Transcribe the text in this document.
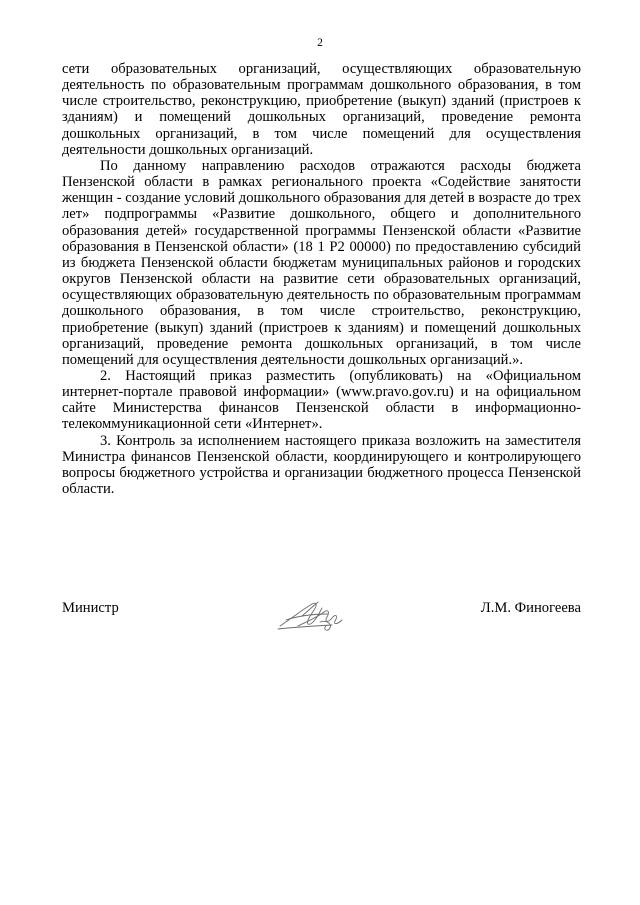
2

сети образовательных организаций, осуществляющих образовательную деятельность по образовательным программам дошкольного образования, в том числе строительство, реконструкцию, приобретение (выкуп) зданий (пристроев к зданиям) и помещений дошкольных организаций, проведение ремонта дошкольных организаций, в том числе помещений для осуществления деятельности дошкольных организаций.

По данному направлению расходов отражаются расходы бюджета Пензенской области в рамках регионального проекта «Содействие занятости женщин - создание условий дошкольного образования для детей в возрасте до трех лет» подпрограммы «Развитие дошкольного, общего и дополнительного образования детей» государственной программы Пензенской области «Развитие образования в Пензенской области» (18 1 P2 00000) по предоставлению субсидий из бюджета Пензенской области бюджетам муниципальных районов и городских округов Пензенской области на развитие сети образовательных организаций, осуществляющих образовательную деятельность по образовательным программам дошкольного образования, в том числе строительство, реконструкцию, приобретение (выкуп) зданий (пристроев к зданиям) и помещений дошкольных организаций, проведение ремонта дошкольных организаций, в том числе помещений для осуществления деятельности дошкольных организаций.».

2. Настоящий приказ разместить (опубликовать) на «Официальном интернет-портале правовой информации» (www.pravo.gov.ru) и на официальном сайте Министерства финансов Пензенской области в информационно-телекоммуникационной сети «Интернет».

3. Контроль за исполнением настоящего приказа возложить на заместителя Министра финансов Пензенской области, координирующего и контролирующего вопросы бюджетного устройства и организации бюджетного процесса Пензенской области.

Министр	Л.М. Финогеева
